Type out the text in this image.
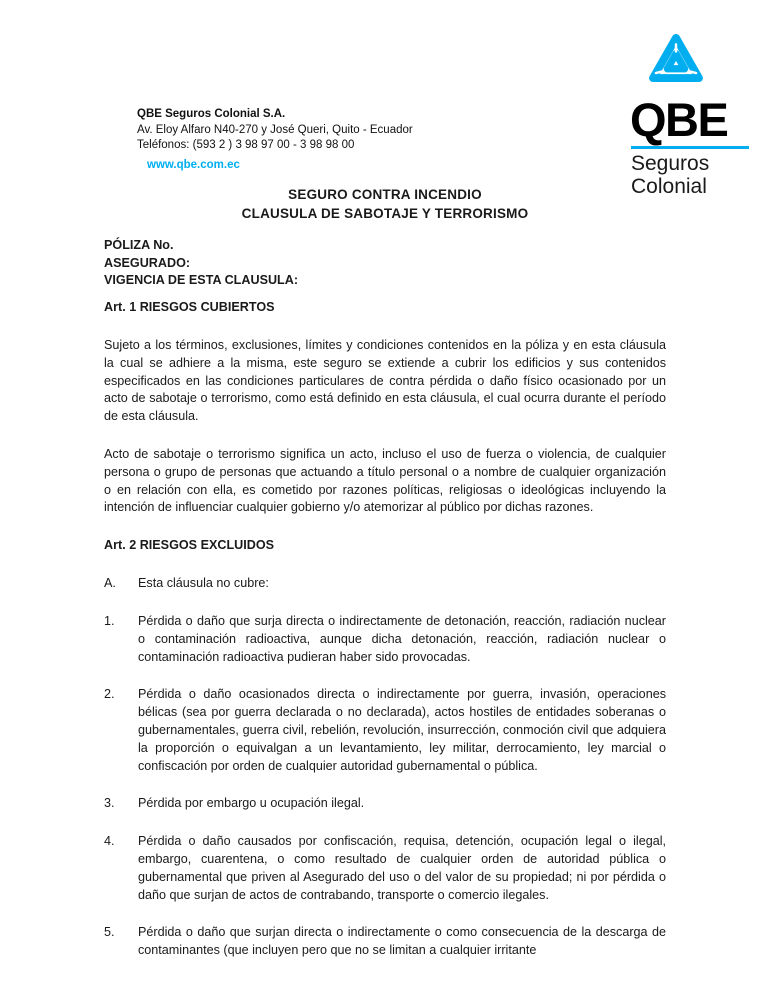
QBE
Seguros
Colonial
QBE Seguros Colonial S.A.
Av. Eloy Alfaro N40-270 y José Queri, Quito - Ecuador
Teléfonos: (593 2 ) 3 98 97 00 - 3 98 98 00
www.qbe.com.ec
SEGURO CONTRA INCENDIO
CLAUSULA DE SABOTAJE Y TERRORISMO
PÓLIZA No.
ASEGURADO:
VIGENCIA DE ESTA CLAUSULA:
Art. 1 RIESGOS CUBIERTOS
Sujeto a los términos, exclusiones, límites y condiciones contenidos en la póliza y en esta cláusula la cual se adhiere a la misma, este seguro se extiende a cubrir los edificios y sus contenidos especificados en las condiciones particulares de contra pérdida o daño físico ocasionado por un acto de sabotaje o terrorismo, como está definido en esta cláusula, el cual ocurra durante el período de esta cláusula.
Acto de sabotaje o terrorismo significa un acto, incluso el uso de fuerza o violencia, de cualquier persona o grupo de personas que actuando a título personal o a nombre de cualquier organización o en relación con ella, es cometido por razones políticas, religiosas o ideológicas incluyendo la intención de influenciar cualquier gobierno y/o atemorizar al público por dichas razones.
Art. 2 RIESGOS EXCLUIDOS
A.	Esta cláusula no cubre:
1.	Pérdida o daño que surja directa o indirectamente de detonación, reacción, radiación nuclear o contaminación radioactiva, aunque dicha detonación, reacción, radiación nuclear o contaminación radioactiva pudieran haber sido provocadas.
2.	Pérdida o daño ocasionados directa o indirectamente por guerra, invasión, operaciones bélicas (sea por guerra declarada o no declarada), actos hostiles de entidades soberanas o gubernamentales, guerra civil, rebelión, revolución, insurrección, conmoción civil que adquiera la proporción o equivalgan a un levantamiento, ley militar, derrocamiento, ley marcial o confiscación por orden de cualquier autoridad gubernamental o pública.
3.	Pérdida por embargo u ocupación ilegal.
4.	Pérdida o daño causados por confiscación, requisa, detención, ocupación legal o ilegal, embargo, cuarentena, o como resultado de cualquier orden de autoridad pública o gubernamental que priven al Asegurado del uso o del valor de su propiedad; ni por pérdida o daño que surjan de actos de contrabando, transporte o comercio ilegales.
5.	Pérdida o daño que surjan directa o indirectamente o como consecuencia de la descarga de contaminantes (que incluyen pero que no se limitan a cualquier irritante
